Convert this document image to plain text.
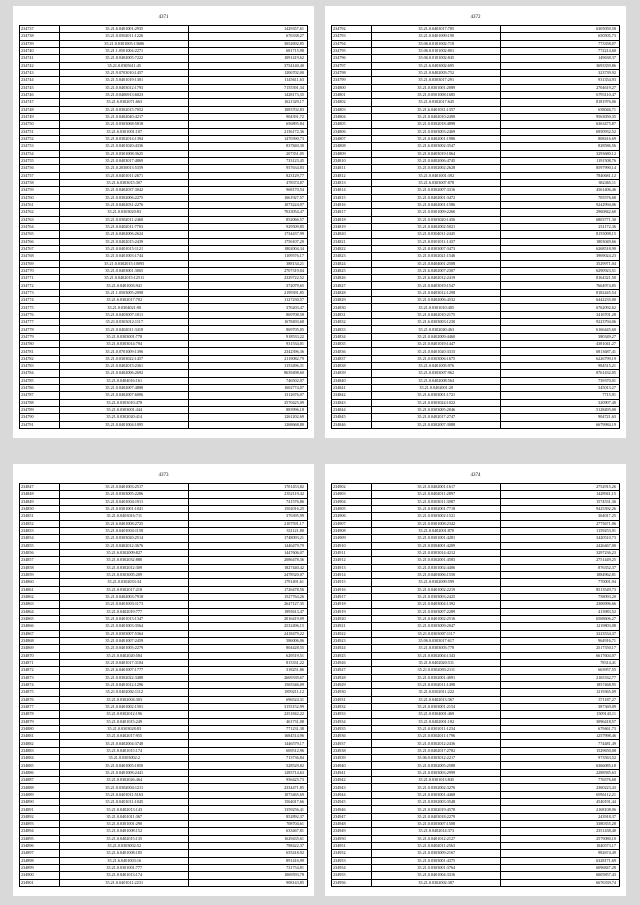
4371
234737	35.21.6.0401001:2935	1429357,61
234738	35.21.0.0502011:1226	676338,27
234739	35.21.0.0301005:13686	3052692,85
234740	35.21.1.0501004:2271	681715,98
234741	35.21.8.0402005:7222	1091419,62
234742	35.21.0.0305611:45	3754140,40
234743	35.21.9.0703010:1457	1206702,00
234744	35.21.5.0401019:1301	1145611,63
234745	35.21.0.0403012:1793	7155391,34
234746	35.21.0.0406913:6023	1428173,35
234747	35.21.6.0302071:663	1621329,17
234748	35.21.0.0302015:7052	1083702,83
234749	35.21.0.0402040:4217	904391,72
234750	35.21.0.0303068:5818	656895,84
234751	35.21.6.0301001:107	2136172,36
234752	35.21.8.0302014:1394	1470390,73
234753	35.21.0.0401020:4336	837840,30
234754	35.21.0.0301008:3625	207351,05
234755	35.21.0.0403017:4869	733123,45
234756	35.21.0.2030013:5359	957634,83
234757	35.21.0.0401011:2671	823129,77
234758	35.21.6.0303015:307	478374,87
234759	35.21.0.0402037:3042	968170,54
234760	35.21.0.0302006:2275	1661927,57
234761	35.21.0.0402031:2276	1073224,97
234762	35.21.0.0303020:83	7023054,47
234763	35.21.0.0302011:2460	852066,57
234764	35.21.0.0402011:7703	929509,85
234765	35.21.6.0402006:2624	1734437,99
234766	35.21.0.0402015:2439	1756107,20
234767	35.21.0.0401015:1121	1802004,34
234768	35.21.0.0401003:1744	1109576,17
234769	35.21.0.0302015:10095	388134,21
234770	35.21.0.0403001:3065	2707319,04
234771	35.21.0.0402015:12511	2329722,52
234772	35.21.0.0401003:941	372079,65
234773	35.21.1.0503005:2098	2199391,85
234774	35.21.6.0302017:702	1127230,57
234775	35.21.0.0304021:90	376203,47
234776	35.21.0.0403007:1011	869708,58
234777	35.21.0.0303012:1117	1678493,68
234778	35.21.0.0402011:3418	869705,05
234779	35.21.0.0303001:778	918533,22
234780	35.21.0.0303014:794	931534,01
234781	35.21.0.0701009:1396	2342396,36
234782	35.21.0.0303022:1457	2119082,79
234783	35.21.0.0402015:2361	1153496,31
234784	35.21.0.0402006:2692	8639498,60
234785	35.21.0.0404016:161	746502,07
234786	35.21.0.0402007:4888	1602774,07
234787	35.21.0.0402007:6006	1312676,07
234788	35.21.0.0303010:478	2570425,09
234789	35.21.0.0303001:444	883996,18
234790	35.21.0.0302020:414	1261202,69
234791	35.21.0.0401004:1095	1268668,80
4372
234792	35.21.0.0403017:785	6305059,58
234793	35.21.0.0401009:190	650505,73
234794	35.06.0.0101002:718	773358,07
234795	35.06.0.0101002:801	772214,60
234796	35.06.0.0101002:845	149638,37
234797	35.21.6.0403002:695	3693359,86
234798	35.21.0.0402003:752	323739,92
234799	35.21.0.0303017:291	931354,93
234800	35.21.0.0301001:2089	2704619,27
234801	35.21.0.0501008:1685	6793110,47
234802	35.21.0.0302017:645	8181976,06
234803	35.21.6.0401031:1357	658046,71
234804	35.21.0.0402010:2490	9563050,35
234805	35.21.0.0302018:4898	6363475,87
234806	35.21.0.0303003:2469	6950932,52
234807	35.21.0.0402001:1986	808416,69
234808	35.21.6.0303002:3547	828586,56
234809	35.21.0.0403019:1064	3293680,12
234810	35.21.0.0402006:4745	1191508,76
234811	35.21.0.0302002:2628	8597990,14
234812	35.21.0.0401001:392	7840681,12
234813	35.21.6.0303007:878	382465,11
234814	35.21.0.0302007:3316	4561406,46
234815	35.21.0.0402001:3472	705576,68
234816	35.21.0.0402001:1586	9242994,06
234817	35.21.0.0301009:2266	2960842,60
234818	35.21.0.0303020:1456	6803771,30
234819	35.21.0.0402002:5021	231172,36
234820	35.21.0.0304011:2445	8155098,15
234821	35.21.0.0301011:1437	1803049,66
234822	35.21.8.0303007:3473	6268518,90
234823	35.21.0.0302021:1546	3969024,23
234824	35.21.0.0404001:2508	3529971,04
234825	35.21.6.0402007:2307	6290923,51
234826	35.21.6.0402012:2419	8164321,50
234827	35.21.0.0403019:1547	7664974,85
234828	35.21.0.0403012:1298	8182445,54
234829	35.21.0.0402006:4532	6442235,00
234830	35.21.0.0301010:405	6762092,62
234831	35.21.0.0402010:2175	3416701,28
234832	35.21.6.0303003:1230	9223794,06
234833	35.21.0.0302040:463	6166445,60
234834	35.21.0.0402009:4460	380349,27
234835	35.21.0.0401019:1447	4381041,27
234836	35.21.0.0401020:3315	6813687,41
234837	35.21.0.0303006:1675	6226799,19
234838	35.21.0.0401005:976	984515,21
234839	35.21.0.0303007:962	8761432,05
234840	35.21.0.0402008:564	739370,01
234841	35.21.0.0402001:20	545013,27
234842	35.21.6.0303001:1721	7715,91
234843	35.21.0.0303024:1022	320907,40
234844	35.21.0.0303005:2046	5128495,00
234845	35.21.0.0402017:2747	904721,63
234846	35.21.0.0302007:3088	6679984,19
4373
234847	35.21.0.0401003:2517	1701453,82
234848	35.21.0.0303005:2286	2352119,42
234849	35.21.0.0401004:1911	741576,86
234850	35.21.0.0301001:1041	1502016,25
234851	35.21.0.0403016:711	376395,99
234852	35.21.6.0401008:2725	2107591,17
234853	35.21.0.0401004:1158	331121,80
234854	35.21.0.0303020:2514	1748093,21
234855	35.21.0.0402012:3676	1446479,79
234856	35.21.6.0302009:827	1447606,07
234857	35.21.0.0302032:880	2086478,36
234858	35.21.0.0302012:309	1827440,42
234859	35.21.0.0303005:209	2478520,07
234860	35.21.0.0302033:34	1791491,61
234861	35.21.0.0302017:218	1726478,56
234862	35.21.0.0402003:7918	1527764,26
234863	35.21.0.0401003:1173	2647127,35
234864	35.21.0.0402019:777	1995613,47
234865	35.21.0.0401013:1347	2016419,09
234866	35.21.0.0401003:3564	2532496,15
234867	35.21.0.0303007:5364	2418479,22
234868	35.21.0.0401007:2459	586006,06
234869	35.21.0.0401005:2279	804428,55
234870	35.21.0.0402020:584	629519,51
234871	35.21.0.0401017:3104	815331,22
234872	35.21.6.0401007:1777	318251,86
234873	35.21.0.0302022:3488	2669339,67
234874	35.21.0.0401012:1296	1565346,09
234875	35.21.0.0402002:1112	1859211,12
234876	35.21.0.0302004:303	696524,31
234877	35.21.0.0401002:1501	3155152,99
234878	35.21.0.0302012:196	2351842,22
234879	35.21.0.0401015:249	461731,08
234880	35.21.0.0303028:83	771231,38
234881	35.21.0.0402017:955	1684514,96
234882	35.21.0.0402004:3748	1446579,17
234883	35.21.0.0401015:174	669512,96
234884	35.21.0.0303002:2	713736,84
234885	35.21.0.0401005:1850	528529,82
234886	35.21.0.0401008:2441	1285714,63
234887	35.21.0.0302026:464	956425,73
234888	35.21.0.0302004:1211	2334471,85
234889	35.21.0.0401011:5163	1073465,69
234890	35.21.0.0401011:1045	1564017,66
234891	35.21.0.0402013:143	1359256,41
234892	35.21.0.0401011:367	852892,37
234893	35.21.0.0301001:290	708704,61
234894	35.21.0.0401008:152	633467,81
234895	35.21.0.0402015:135	1629435,61
234896	35.21.0.0303002:52	798422,37
234897	35.21.6.0401008:185	655418,92
234898	35.21.6.0401003:16	891416,99
234899	35.21.0.0301001:777	731754,81
234900	35.21.0.0401013:174	1069593,78
234901	35.21.0.0401011:2231	908143,85
4374
234902	35.21.0.0402001:1617	2752915,26
234903	35.21.0.0402011:2897	1428941,15
234904	35.21.0.0303011:3087	1574531,36
234905	35.21.0.0302001:7718	9425392,26
234906	35.21.0.0303002:1521	364017,25
234907	35.21.0.0301008:2342	2775671,06
234908	35.21.0.0402001:870	1159253,91
234909	35.21.0.0301001:4281	3420510,73
234910	35.21.0.0304001:4209	2426467,00
234911	35.21.0.0303014:4212	3297236,23
234912	35.21.0.0302001:4583	2751449,25
234913	35.21.0.0301002:4406	876352,37
234914	35.21.0.0403006:1550	1884962,81
234915	35.21.0.0302009:599	770001,94
234916	35.21.0.0401002:2219	8513549,73
234917	35.21.0.0303003:2425	758093,20
234918	35.21.0.0403004:1392	2306996,66
234919	35.21.0.0303007:2289	413983,52
234920	35.21.0.0401002:2516	6568606,27
234921	35.21.0.0303009:2047	1219803,08
234922	35.21.0.0303007:1117	3223534,37
234923	35.06.0.0303017:617	964916,71
234924	35.21.0.0303003:778	2517550,17
234925	35.21.0.0302004:1343	6617604,07
234926	35.21.0.0402020:511	78314,41
234927	35.21.0.0302003:2111	663957,55
234928	35.21.0.0302001:4091	2165332,77
234929	35.21.0.0302011:1498	1857468,95
234930	35.21.0.0302011:222	1219365,09
234931	35.21.0.0402013:367	371187,27
234932	35.21.0.0303001:2154	387369,09
234933	35.21.0.0304001:469	1509143,11
234934	35.21.0.0402001:182	3096418,57
234935	35.21.0.0301011:1234	679461,73
234936	35.21.0.0302011:1796	1257998,46
234937	35.21.0.0302012:2436	774481,49
234938	35.21.0.0402017:2782	1529650,08
234939	35.06.0.0303012:2217	973563,52
234940	35.21.0.0302005:2588	6366085,18
234941	35.21.0.0303003:2999	2288585,63
234942	35.21.0.0301013:845	776576,68
234943	35.21.0.0302002:3276	2360223,43
234944	35.21.0.0303001:4468	6956112,21
234945	35.21.0.0302003:3548	4540191,44
234946	35.21.0.0302019:4578	2168108,06
234947	35.21.0.0403018:2279	243918,37
234948	35.21.0.0303007:1508	3380355,28
234949	35.21.0.0402014:373	2351438,40
234950	35.21.0.0401012:2127	2579080,10
234951	35.21.0.0402011:2563	1040573,17
234952	35.21.0.0303009:2167	982674,49
234953	35.21.0.0303001:4375	6328171,69
234954	35.21.0.0303001:3764	6096847,28
234955	35.21.0.0401004:3316	6005857,43
234956	35.21.0.0302002:387	6676339,74
